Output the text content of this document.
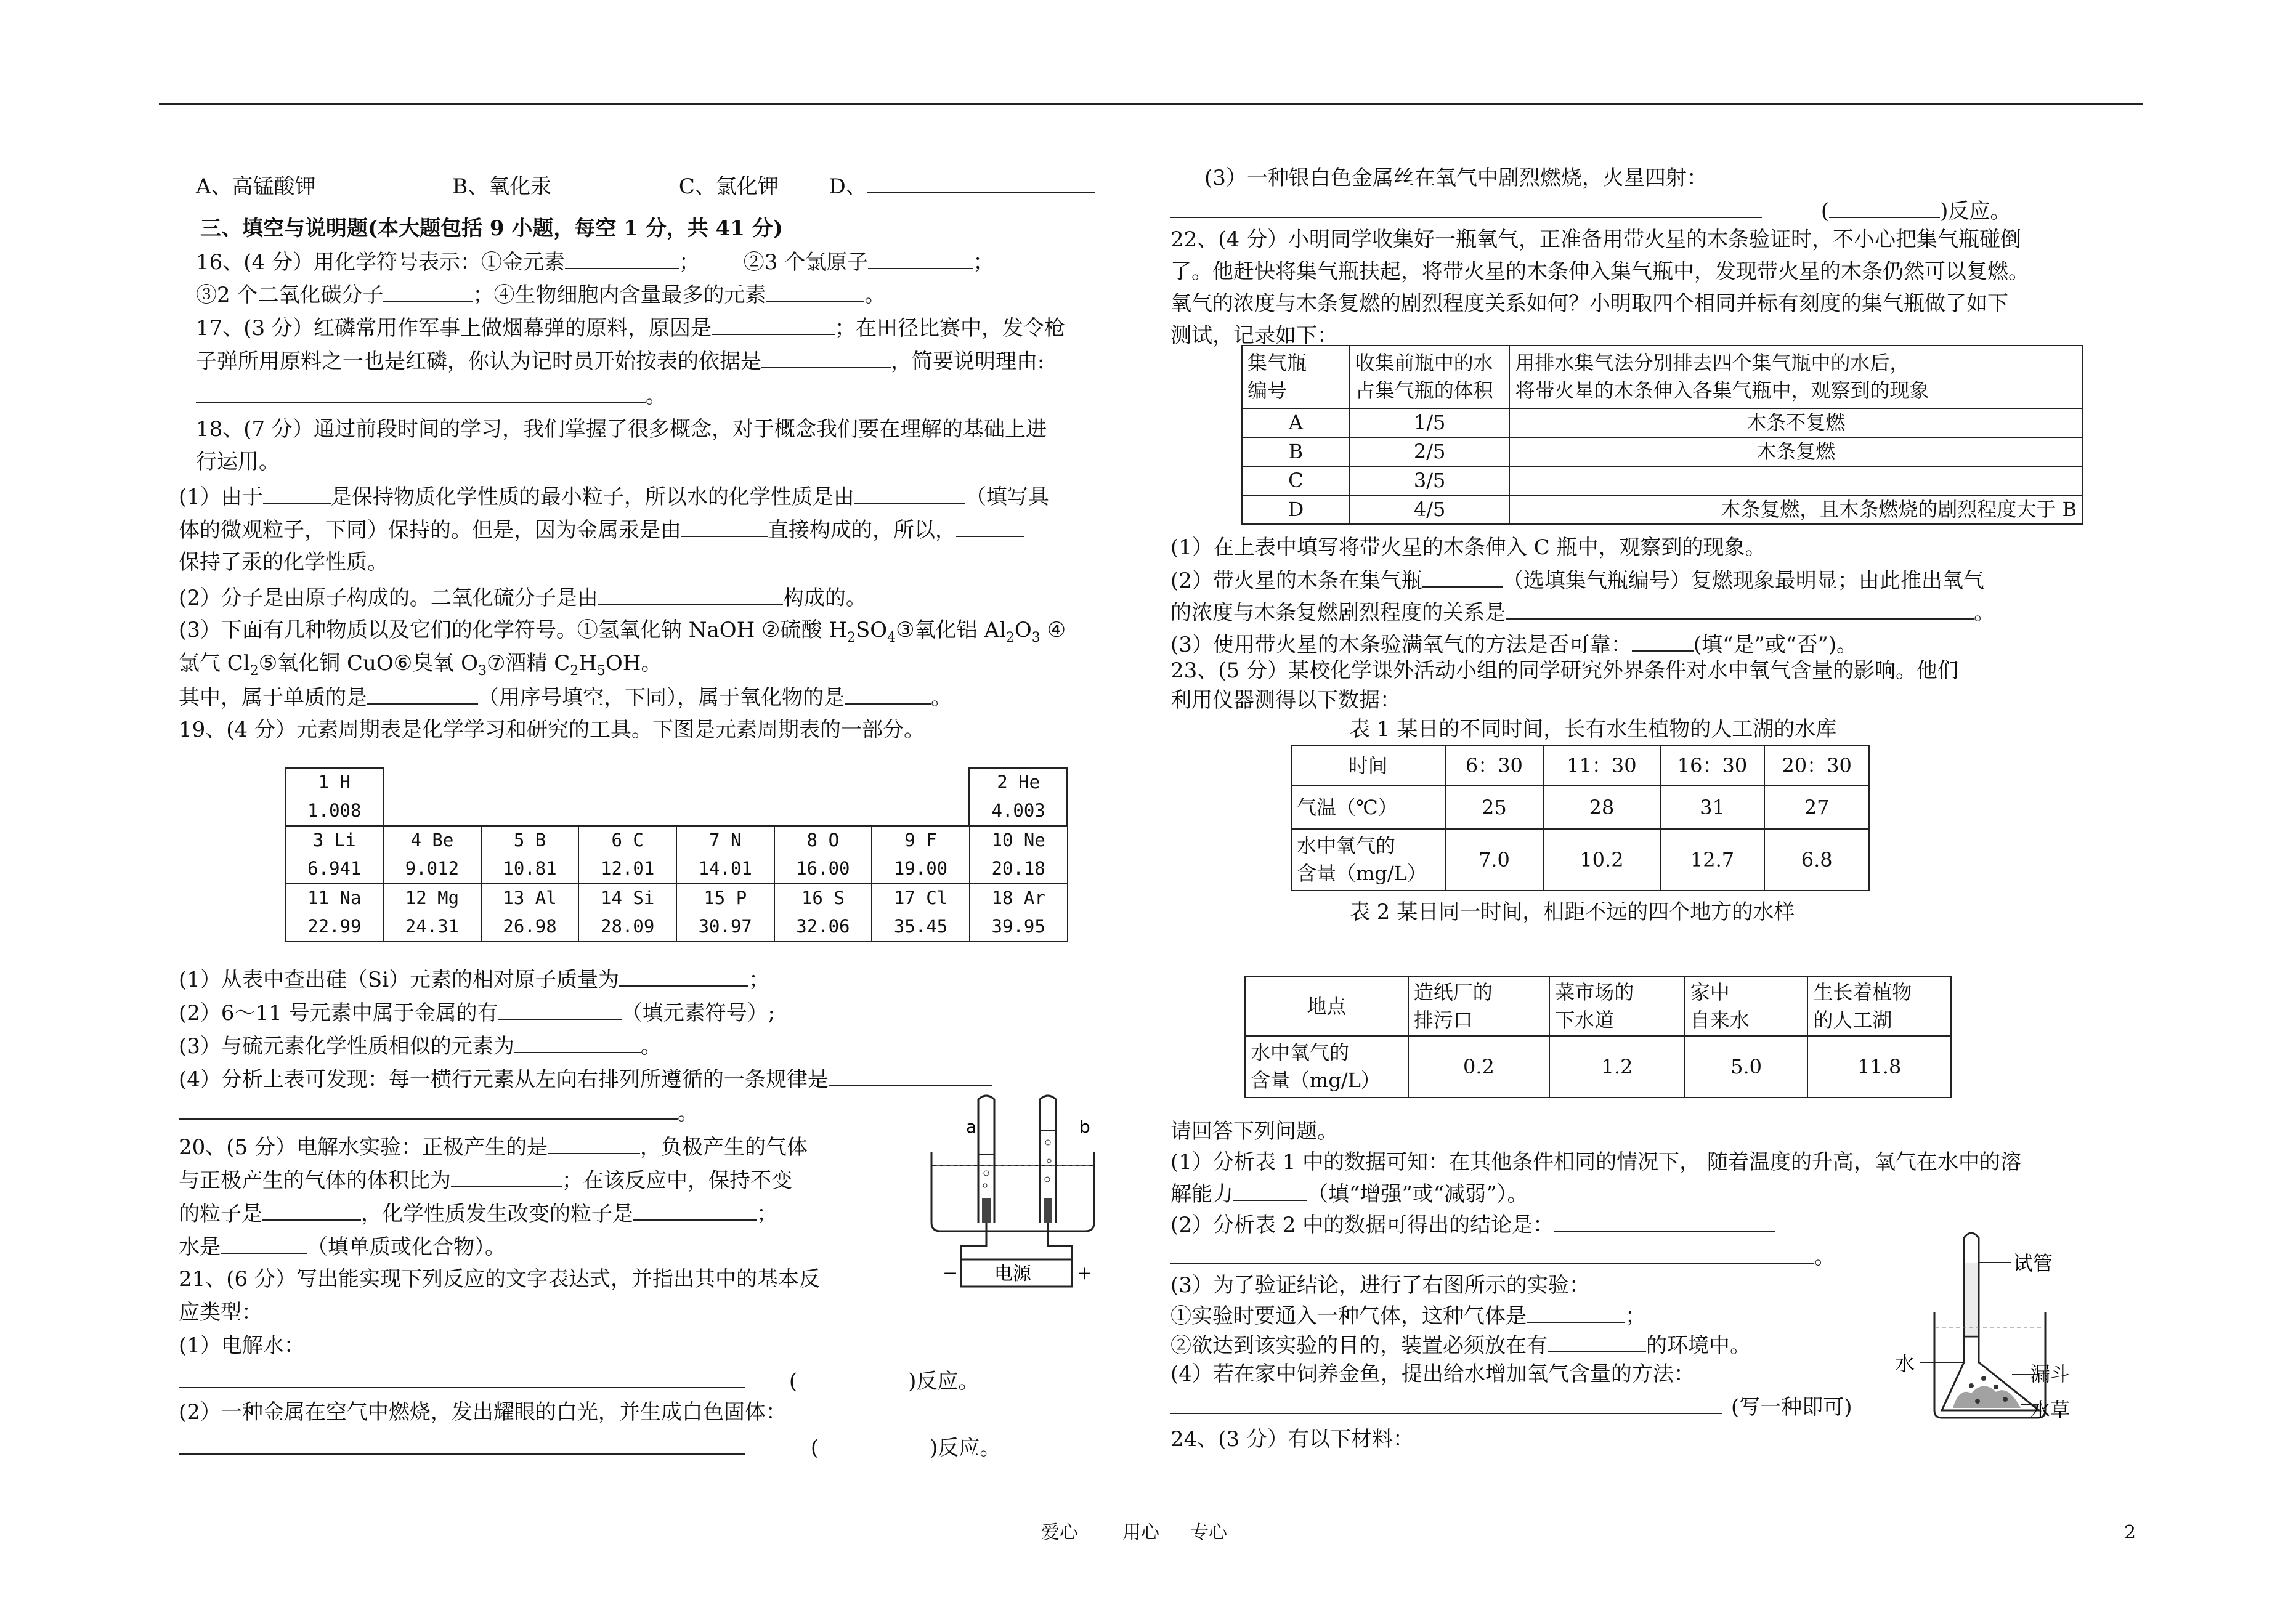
A、高锰酸钾	B、氧化汞	C、氯化钾 D、
三、填空与说明题(本大题包括 9 小题，每空 1 分，共 41 分)
16、(4 分）用化学符号表示：①金元素	； ②3 个氯原子	；
③2 个二氧化碳分子	；④生物细胞内含量最多的元素	。
17、(3 分）红磷常用作军事上做烟幕弹的原料，原因是	；在田径比赛中，发令枪
子弹所用原料之一也是红磷，你认为记时员开始按表的依据是	，简要说明理由:
。
18、(7 分）通过前段时间的学习，我们掌握了很多概念，对于概念我们要在理解的基础上进
行运用。
(1）由于	是保持物质化学性质的最小粒子，所以水的化学性质是由	（填写具
体的微观粒子，下同）保持的。但是，因为金属汞是由	直接构成的，所以，
保持了汞的化学性质。
(2）分子是由原子构成的。二氧化硫分子是由	构成的。
(3）下面有几种物质以及它们的化学符号。①氢氧化钠 NaOH ②硫酸 $H_2SO_4③$氧化铝 $Al_2O_3$ ④
氯气 $Cl_2⑤$氧化铜 CuO⑥臭氧 $O_3⑦$酒精 $C_2H_5OH$。
其中，属于单质的是	（用序号填空，下同），属于氧化物的是	。
19、(4 分）元素周期表是化学学习和研究的工具。下图是元素周期表的一部分。
1 H							2 He
1.008							4.003
3 Li	4 Be	5 B	6 C	7 N	8 O	9 F	10 Ne
6.941	9.012	10.81	12.01	14.01	16.00	19.00	20.18
11 Na	12 Mg	13 Al	14 Si	15 P	16 S	17 Cl	18 Ar
22.99	24.31	26.98	28.09	30.97	32.06	35.45	39.95
(1）从表中查出硅（Si）元素的相对原子质量为	；
(2）6～11 号元素中属于金属的有	（填元素符号）;
(3）与硫元素化学性质相似的元素为	。
(4）分析上表可发现：每一横行元素从左向右排列所遵循的一条规律是
。
20、(5 分）电解水实验：正极产生的是	，负极产生的气体
与正极产生的气体的体积比为	；在该反应中，保持不变
的粒子是	，化学性质发生改变的粒子是	；
水是	（填单质或化合物）。
a	b
− 电源 +
21、(6 分）写出能实现下列反应的文字表达式，并指出其中的基本反
应类型：
(1）电解水：
(	)反应。
(2）一种金属在空气中燃烧，发出耀眼的白光，并生成白色固体：
(	)反应。
(3）一种银白色金属丝在氧气中剧烈燃烧，火星四射：
(	)反应。
22、(4 分）小明同学收集好一瓶氧气，正准备用带火星的木条验证时，不小心把集气瓶碰倒
了。他赶快将集气瓶扶起，将带火星的木条伸入集气瓶中，发现带火星的木条仍然可以复燃。
氧气的浓度与木条复燃的剧烈程度关系如何？小明取四个相同并标有刻度的集气瓶做了如下
测试，记录如下：
集气瓶
编号	收集前瓶中的水
占集气瓶的体积	用排水集气法分别排去四个集气瓶中的水后，
将带火星的木条伸入各集气瓶中，观察到的现象
A	1/5	木条不复燃
B	2/5	木条复燃
C	3/5	
D	4/5	木条复燃，且木条燃烧的剧烈程度大于 B
(1）在上表中填写将带火星的木条伸入 C 瓶中，观察到的现象。
(2）带火星的木条在集气瓶	（选填集气瓶编号）复燃现象最明显；由此推出氧气
的浓度与木条复燃剧烈程度的关系是	。
(3）使用带火星的木条验满氧气的方法是否可靠：	(填“是”或“否”)。
23、(5 分）某校化学课外活动小组的同学研究外界条件对水中氧气含量的影响。他们
利用仪器测得以下数据：
表 1 某日的不同时间，长有水生植物的人工湖的水库
时间	6：30	11：30	16：30	20：30
气温（℃）	25	28	31	27
水中氧气的
含量（mg/L）	7.0	10.2	12.7	6.8
表 2 某日同一时间，相距不远的四个地方的水样
地点	造纸厂的
排污口	菜市场的
下水道	家中
自来水	生长着植物
的人工湖
水中氧气的
含量（mg/L）	0.2	1.2	5.0	11.8
请回答下列问题。
(1）分析表 1 中的数据可知：在其他条件相同的情况下， 随着温度的升高，氧气在水中的溶
解能力	（填“增强”或“减弱”）。
(2）分析表 2 中的数据可得出的结论是：
。
(3）为了验证结论，进行了右图所示的实验：
①实验时要通入一种气体，这种气体是	；
②欲达到该实验的目的，装置必须放在有	的环境中。
(4）若在家中饲养金鱼，提出给水增加氧气含量的方法：
(写一种即可)
24、(3 分）有以下材料：
试管
水	漏斗
水草
爱心 用心 专心	2
